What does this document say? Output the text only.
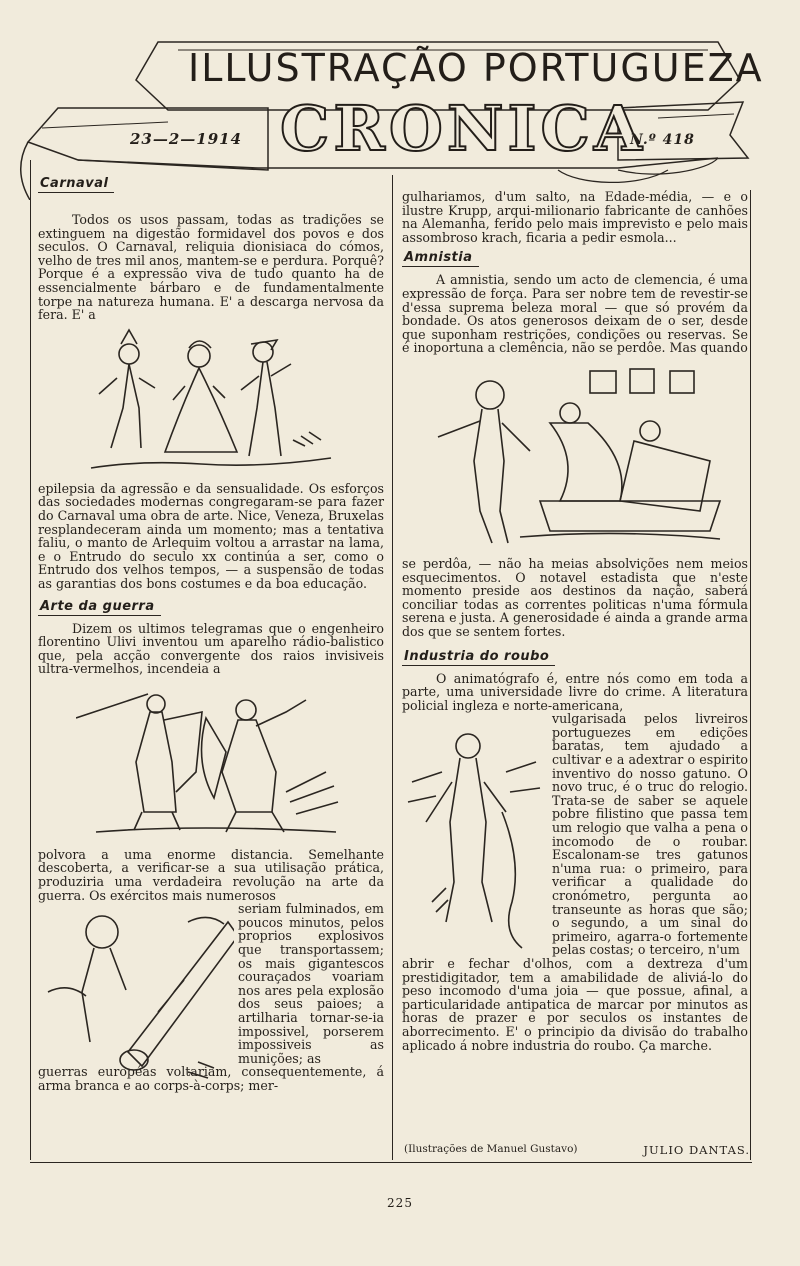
ILLUSTRAÇÃO PORTUGUEZA
CRONICA
23—2—1914	N.º 418
Carnaval

Todos os usos passam, todas as tradições se extinguem na digestão formidavel dos povos e dos seculos. O Carnaval, reliquia dionisiaca do cómos, velho de tres mil anos, mantem-se e perdura. Porquê? Porque é a expressão viva de tudo quanto ha de essencialmente bárbaro e de fundamentalmente torpe na natureza humana. E' a descarga nervosa da fera. E' a

epilepsia da agressão e da sensualidade. Os esforços das sociedades modernas congregaram-se para fazer do Carnaval uma obra de arte. Nice, Veneza, Bruxelas resplandeceram ainda um momento; mas a tentativa faliu, o manto de Arlequim voltou a arrastar na lama, e o Entrudo do seculo xx continúa a ser, como o Entrudo dos velhos tempos, — a suspensão de todas as garantias dos bons costumes e da boa educação.

Arte da guerra

Dizem os ultimos telegramas que o engenheiro florentino Ulivi inventou um aparelho rádio-balistico que, pela acção convergente dos raios invisiveis ultra-vermelhos, incendeia a

polvora a uma enorme distancia. Semelhante descoberta, a verificar-se a sua utilisação prática, produziria uma verdadeira revolução na arte da guerra. Os exércitos mais numerosos

seriam fulminados, em poucos minutos, pelos proprios explosivos que transportassem; os mais gigantescos couraçados voariam nos ares pela explosão dos seus paioes; a artilharia tornar-se-ia impossivel, porserem impossiveis as munições; as

guerras européas voltariam, consequentemente, á arma branca e ao corps-à-corps; mer-

gulhariamos, d'um salto, na Edade-média, — e o ilustre Krupp, arqui-milionario fabricante de canhões na Alemanha, ferido pelo mais imprevisto e pelo mais assombroso krach, ficaria a pedir esmola...

Amnistia

A amnistia, sendo um acto de clemencia, é uma expressão de força. Para ser nobre tem de revestir-se d'essa suprema beleza moral — que só provém da bondade. Os atos generosos deixam de o ser, desde que suponham restrições, condições ou reservas. Se é inoportuna a clemência, não se perdôe. Mas quando

se perdôa, — não ha meias absolvições nem meios esquecimentos. O notavel estadista que n'este momento preside aos destinos da nação, saberá conciliar todas as correntes politicas n'uma fórmula serena e justa. A generosidade é ainda a grande arma dos que se sentem fortes.

Industria do roubo

O animatógrafo é, entre nós como em toda a parte, uma universidade livre do crime. A literatura policial ingleza e norte-americana,

vulgarisada pelos livreiros portuguezes em edições baratas, tem ajudado a cultivar e a adextrar o espirito inventivo do nosso gatuno. O novo truc, é o truc do relogio. Trata-se de saber se aquele pobre filistino que passa tem um relogio que valha a pena o incomodo de o roubar. Escalonam-se tres gatunos n'uma rua: o primeiro, para verificar a qualidade do cronómetro, pergunta ao transeunte as horas que são; o segundo, a um sinal do primeiro, agarra-o fortemente pelas costas; o terceiro, n'um

abrir e fechar d'olhos, com a dextreza d'um prestidigitador, tem a amabilidade de aliviá-lo do peso incomodo d'uma joia — que possue, afinal, a particularidade antipatica de marcar por minutos as horas de prazer e por seculos os instantes de aborrecimento. E' o principio da divisão do trabalho aplicado á nobre industria do roubo. Ça marche.

(Ilustrações de Manuel Gustavo)	JULIO DANTAS.
225
